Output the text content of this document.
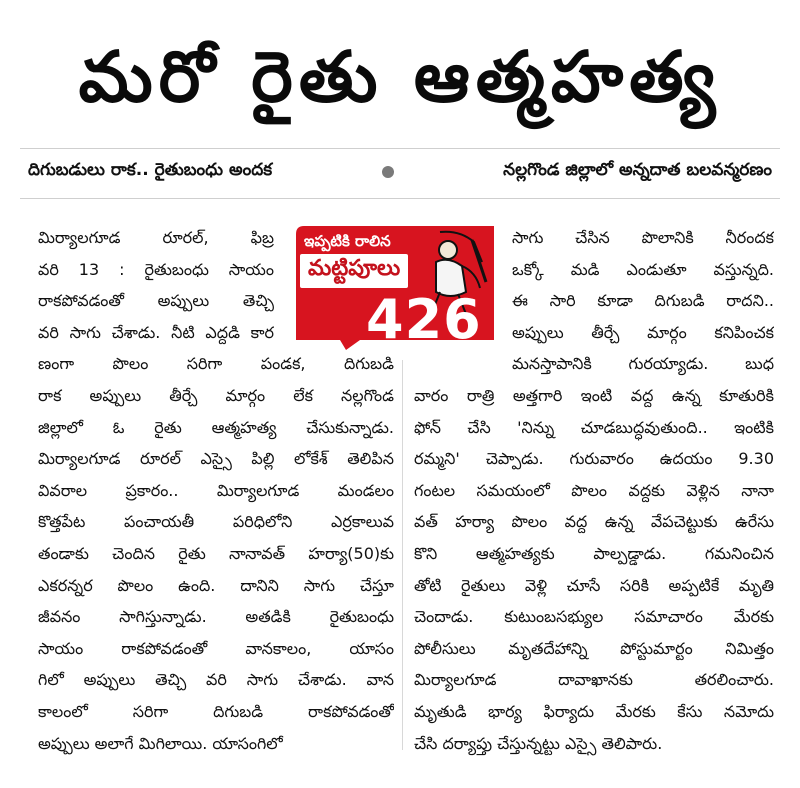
మరో రైతు ఆత్మహత్య
దిగుబడులు రాక.. రైతుబంధు అందక	నల్లగొండ జిల్లాలో అన్నదాత బలవన్మరణం
మిర్యాలగూడ రూరల్, ఫిబ్ర
వరి 13 : రైతుబంధు సాయం
రాకపోవడంతో అప్పులు తెచ్చి
వరి సాగు చేశాడు. నీటి ఎద్దడి కార
ణంగా పొలం సరిగా పండక, దిగుబడి
రాక అప్పులు తీర్చే మార్గం లేక నల్లగొండ
జిల్లాలో ఓ రైతు ఆత్మహత్య చేసుకున్నాడు.
మిర్యాలగూడ రూరల్ ఎస్సై పిల్లి లోకేశ్ తెలిపిన
వివరాల ప్రకారం.. మిర్యాలగూడ మండలం
కొత్తపేట పంచాయతీ పరిధిలోని ఎర్రకాలువ
తండాకు చెందిన రైతు నానావత్ హర్యా(50)కు
ఎకరన్నర పొలం ఉంది. దానిని సాగు చేస్తూ
జీవనం సాగిస్తున్నాడు. అతడికి రైతుబంధు
సాయం రాకపోవడంతో వానకాలం, యాసం
గిలో అప్పులు తెచ్చి వరి సాగు చేశాడు. వాన
కాలంలో సరిగా దిగుబడి రాకపోవడంతో
అప్పులు అలాగే మిగిలాయి. యాసంగిలో
సాగు చేసిన పొలానికి నీరందక
ఒక్కో మడి ఎండుతూ వస్తున్నది.
ఈ సారి కూడా దిగుబడి రాదని..
అప్పులు తీర్చే మార్గం కనిపించక
మనస్తాపానికి గురయ్యాడు. బుధ
వారం రాత్రి అత్తగారి ఇంటి వద్ద ఉన్న కూతురికి
ఫోన్ చేసి 'నిన్ను చూడబుద్ధవుతుంది.. ఇంటికి
రమ్మని' చెప్పాడు. గురువారం ఉదయం 9.30
గంటల సమయంలో పొలం వద్దకు వెళ్లిన నానా
వత్ హర్యా పొలం వద్ద ఉన్న వేపచెట్టుకు ఉరేసు
కొని ఆత్మహత్యకు పాల్పడ్డాడు. గమనించిన
తోటి రైతులు వెళ్లి చూసే సరికి అప్పటికే మృతి
చెందాడు. కుటుంబసభ్యుల సమాచారం మేరకు
పోలీసులు మృతదేహాన్ని పోస్టుమార్టం నిమిత్తం
మిర్యాలగూడ దావాఖానకు తరలించారు.
మృతుడి భార్య ఫిర్యాదు మేరకు కేసు నమోదు
చేసి దర్యాప్తు చేస్తున్నట్టు ఎస్సై తెలిపారు.
ఇప్పటికి రాలిన
మట్టిపూలు
426
